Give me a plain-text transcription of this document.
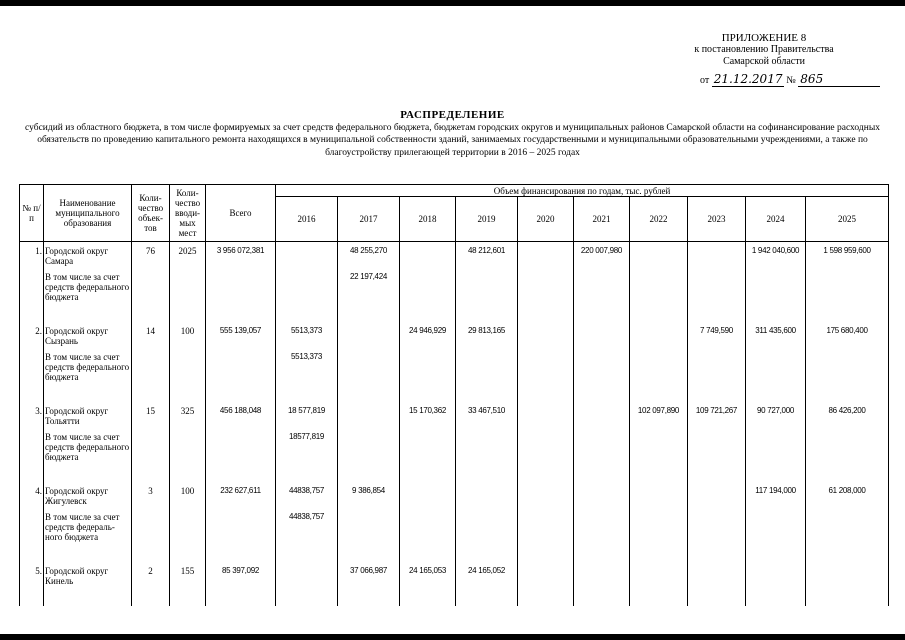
ПРИЛОЖЕНИЕ 8
к постановлению Правительства
Самарской области
от 21.12.2017 № 865
РАСПРЕДЕЛЕНИЕ
субсидий из областного бюджета, в том числе формируемых за счет средств федерального бюджета, бюджетам городских округов и муниципальных районов Самарской области на софинансирование расходных обязательств по проведению капитального ремонта находящихся в муниципальной собственности зданий, занимаемых государственными и муниципальными образовательными учреждениями, а также по благоустройству прилегающей территории в 2016 – 2025 годах
№ п/п	Наименование муниципального образования	Коли-чество объек-тов	Коли-чество вводи-мых мест	Всего	Объем финансирования по годам, тыс. рублей									
					2016	2017	2018	2019	2020	2021	2022	2023	2024	2025
1.	Городской округ Самара	76	2025	3 956 072,381		48 255,270		48 212,601		220 007,980			1 942 040,600	1 598 959,600
	В том числе за счет средств федерального бюджета					22 197,424								
2.	Городской округ Сызрань	14	100	555 139,057	5513,373		24 946,929	29 813,165				7 749,590	311 435,600	175 680,400
	В том числе за счет средств федерального бюджета				5513,373									
3.	Городской округ Тольятти	15	325	456 188,048	18 577,819		15 170,362	33 467,510			102 097,890	109 721,267	90 727,000	86 426,200
	В том числе за счет средств федерального бюджета				18577,819									
4.	Городской округ Жигулевск	3	100	232 627,611	44838,757	9 386,854							117 194,000	61 208,000
	В том числе за счет средств федераль-ного бюджета				44838,757									
5.	Городской округ Кинель	2	155	85 397,092		37 066,987	24 165,053	24 165,052						
